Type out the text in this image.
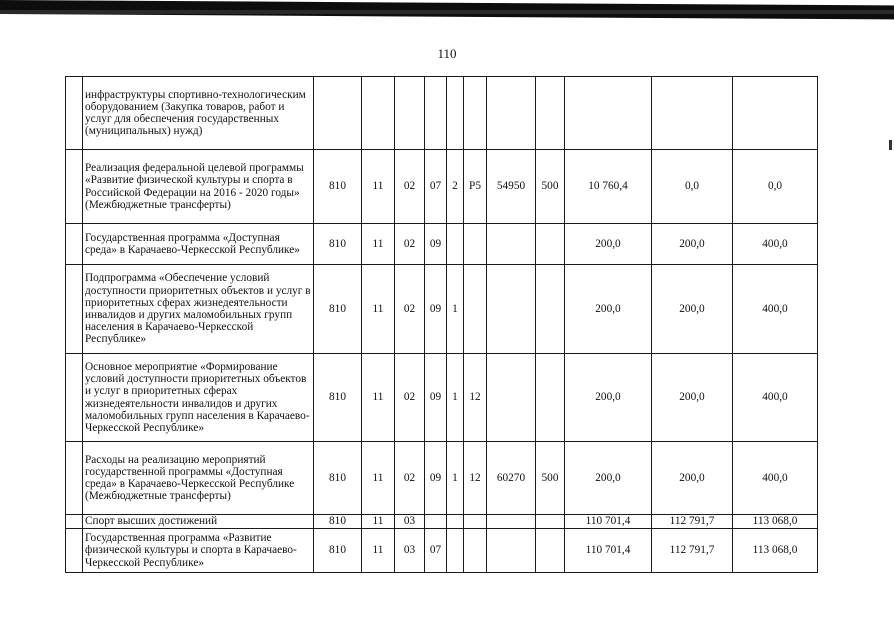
110
	инфраструктуры спортивно-технологическим оборудованием (Закупка товаров, работ и услуг для обеспечения государственных (муниципальных) нужд)											
	Реализация федеральной целевой программы «Развитие физической культуры и спорта в Российской Федерации на 2016 - 2020 годы» (Межбюджетные трансферты)	810	11	02	07	2	P5	54950	500	10 760,4	0,0	0,0
	Государственная программа «Доступная среда» в Карачаево-Черкесской Республике»	810	11	02	09					200,0	200,0	400,0
	Подпрограмма «Обеспечение условий доступности приоритетных объектов и услуг в приоритетных сферах жизнедеятельности инвалидов и других маломобильных групп населения в Карачаево-Черкесской Республике»	810	11	02	09	1				200,0	200,0	400,0
	Основное мероприятие «Формирование условий доступности приоритетных объектов и услуг в приоритетных сферах жизнедеятельности инвалидов и других маломобильных групп населения в Карачаево-Черкесской Республике»	810	11	02	09	1	12			200,0	200,0	400,0
	Расходы на реализацию мероприятий государственной программы «Доступная среда» в Карачаево-Черкесской Республике (Межбюджетные трансферты)	810	11	02	09	1	12	60270	500	200,0	200,0	400,0
	Спорт высших достижений	810	11	03						110 701,4	112 791,7	113 068,0
	Государственная программа «Развитие физической культуры и спорта в Карачаево-Черкесской Республике»	810	11	03	07					110 701,4	112 791,7	113 068,0
